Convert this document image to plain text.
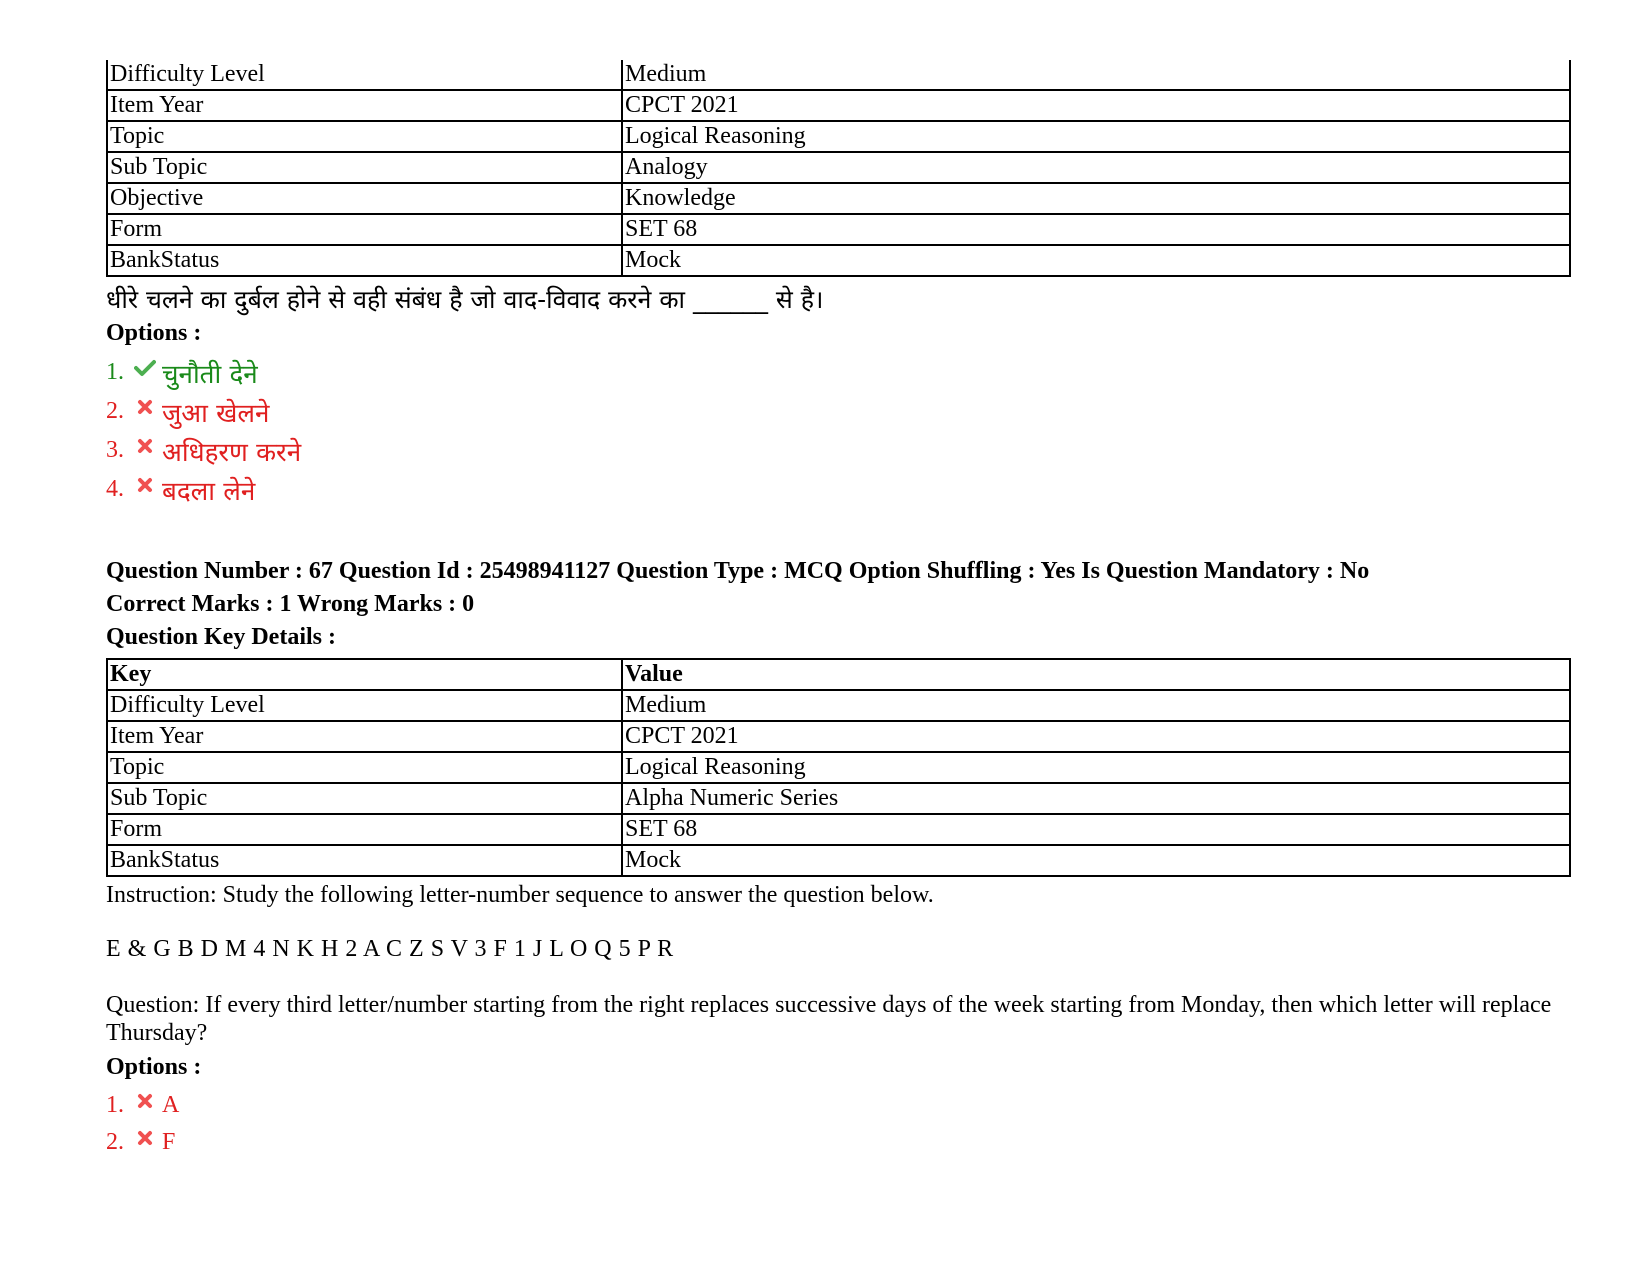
Difficulty Level	Medium
Item Year	CPCT 2021
Topic	Logical Reasoning
Sub Topic	Analogy
Objective	Knowledge
Form	SET 68
BankStatus	Mock
धीरे चलने का दुर्बल होने से वही संबंध है जो वाद-विवाद करने का ______ से है।
Options :
1.	चुनौती देने
2.	जुआ खेलने
3.	अधिहरण करने
4.	बदला लेने
Question Number : 67 Question Id : 25498941127 Question Type : MCQ Option Shuffling : Yes Is Question Mandatory : No
Correct Marks : 1 Wrong Marks : 0
Question Key Details :
Key	Value
Difficulty Level	Medium
Item Year	CPCT 2021
Topic	Logical Reasoning
Sub Topic	Alpha Numeric Series
Form	SET 68
BankStatus	Mock
Instruction: Study the following letter-number sequence to answer the question below.
E & G B D M 4 N K H 2 A C Z S V 3 F 1 J L O Q 5 P R
Question: If every third letter/number starting from the right replaces successive days of the week starting from Monday, then which letter will replace Thursday?
Options :
1.	A
2.	F
